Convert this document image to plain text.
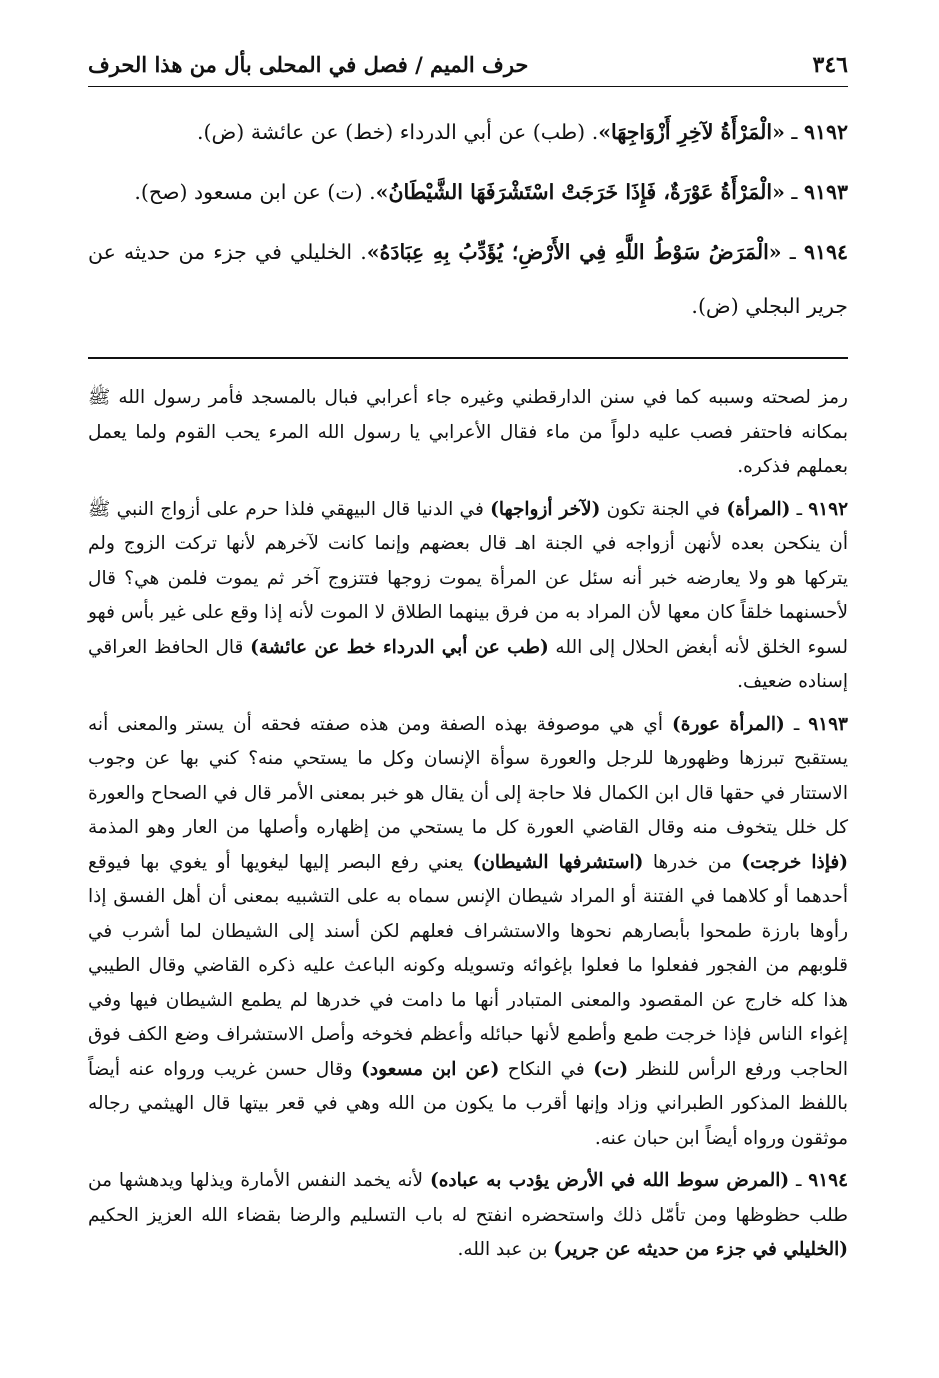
٣٤٦
حرف الميم / فصل في المحلى بأل من هذا الحرف
٩١٩٢ ـ «الْمَرْأَةُ لآخِرِ أَزْوَاجِهَا». (طب) عن أبي الدرداء (خط) عن عائشة (ض).
٩١٩٣ ـ «الْمَرْأَةُ عَوْرَةٌ، فَإِذَا خَرَجَتْ اسْتَشْرَفَهَا الشَّيْطَانُ». (ت) عن ابن مسعود (صح).
٩١٩٤ ـ «الْمَرَضُ سَوْطُ اللَّهِ فِي الأَرْضِ؛ يُؤَدِّبُ بِهِ عِبَادَهُ». الخليلي في جزء من حديثه عن جرير البجلي (ض).

رمز لصحته وسببه كما في سنن الدارقطني وغيره جاء أعرابي فبال بالمسجد فأمر رسول الله ﷺ بمكانه فاحتفر فصب عليه دلواً من ماء فقال الأعرابي يا رسول الله المرء يحب القوم ولما يعمل بعملهم فذكره.

٩١٩٢ ـ (المرأة) في الجنة تكون (لآخر أزواجها) في الدنيا قال البيهقي فلذا حرم على أزواج النبي ﷺ أن ينكحن بعده لأنهن أزواجه في الجنة اهـ قال بعضهم وإنما كانت لآخرهم لأنها تركت الزوج ولم يتركها هو ولا يعارضه خبر أنه سئل عن المرأة يموت زوجها فتتزوج آخر ثم يموت فلمن هي؟ قال لأحسنهما خلقاً كان معها لأن المراد به من فرق بينهما الطلاق لا الموت لأنه إذا وقع على غير بأس فهو لسوء الخلق لأنه أبغض الحلال إلى الله (طب عن أبي الدرداء خط عن عائشة) قال الحافظ العراقي إسناده ضعيف.

٩١٩٣ ـ (المرأة عورة) أي هي موصوفة بهذه الصفة ومن هذه صفته فحقه أن يستر والمعنى أنه يستقبح تبرزها وظهورها للرجل والعورة سوأة الإنسان وكل ما يستحي منه؟ كني بها عن وجوب الاستتار في حقها قال ابن الكمال فلا حاجة إلى أن يقال هو خبر بمعنى الأمر قال في الصحاح والعورة كل خلل يتخوف منه وقال القاضي العورة كل ما يستحي من إظهاره وأصلها من العار وهو المذمة (فإذا خرجت) من خدرها (استشرفها الشيطان) يعني رفع البصر إليها ليغويها أو يغوي بها فيوقع أحدهما أو كلاهما في الفتنة أو المراد شيطان الإنس سماه به على التشبيه بمعنى أن أهل الفسق إذا رأوها بارزة طمحوا بأبصارهم نحوها والاستشراف فعلهم لكن أسند إلى الشيطان لما أشرب في قلوبهم من الفجور ففعلوا ما فعلوا بإغوائه وتسويله وكونه الباعث عليه ذكره القاضي وقال الطيبي هذا كله خارج عن المقصود والمعنى المتبادر أنها ما دامت في خدرها لم يطمع الشيطان فيها وفي إغواء الناس فإذا خرجت طمع وأطمع لأنها حبائله وأعظم فخوخه وأصل الاستشراف وضع الكف فوق الحاجب ورفع الرأس للنظر (ت) في النكاح (عن ابن مسعود) وقال حسن غريب ورواه عنه أيضاً باللفظ المذكور الطبراني وزاد وإنها أقرب ما يكون من الله وهي في قعر بيتها قال الهيثمي رجاله موثقون ورواه أيضاً ابن حبان عنه.

٩١٩٤ ـ (المرض سوط الله في الأرض يؤدب به عباده) لأنه يخمد النفس الأمارة ويذلها ويدهشها من طلب حظوظها ومن تأمّل ذلك واستحضره انفتح له باب التسليم والرضا بقضاء الله العزيز الحكيم (الخليلي في جزء من حديثه عن جرير) بن عبد الله.
